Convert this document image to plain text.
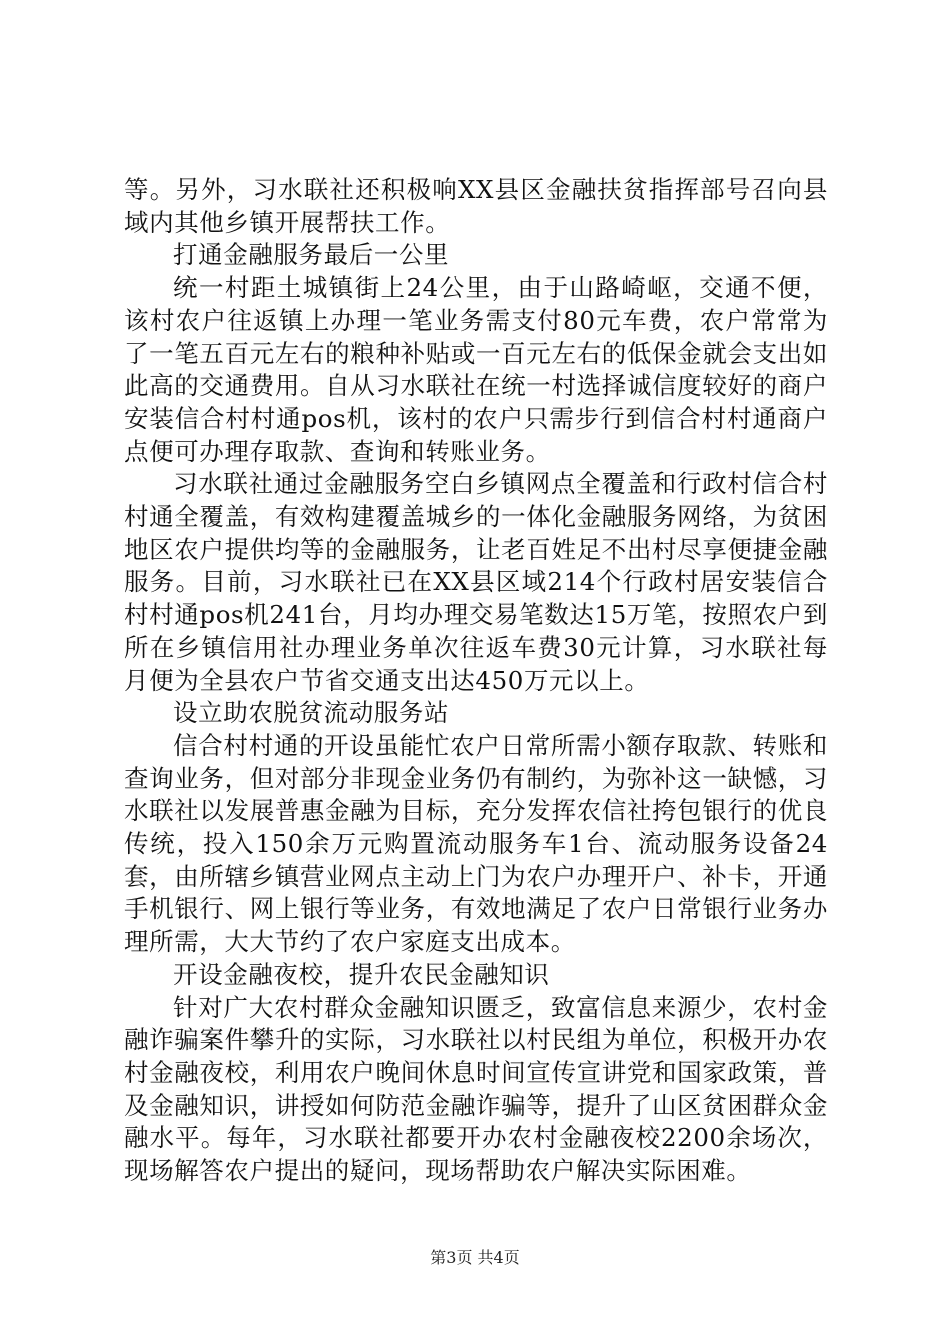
等。另外，习水联社还积极响XX县区金融扶贫指挥部号召向县域内其他乡镇开展帮扶工作。

打通金融服务最后一公里

统一村距土城镇街上24公里，由于山路崎岖，交通不便，该村农户往返镇上办理一笔业务需支付80元车费，农户常常为了一笔五百元左右的粮种补贴或一百元左右的低保金就会支出如此高的交通费用。自从习水联社在统一村选择诚信度较好的商户安装信合村村通pos机，该村的农户只需步行到信合村村通商户点便可办理存取款、查询和转账业务。

习水联社通过金融服务空白乡镇网点全覆盖和行政村信合村村通全覆盖，有效构建覆盖城乡的一体化金融服务网络，为贫困地区农户提供均等的金融服务，让老百姓足不出村尽享便捷金融服务。目前，习水联社已在XX县区域214个行政村居安装信合村村通pos机241台，月均办理交易笔数达15万笔，按照农户到所在乡镇信用社办理业务单次往返车费30元计算，习水联社每月便为全县农户节省交通支出达450万元以上。

设立助农脱贫流动服务站

信合村村通的开设虽能忙农户日常所需小额存取款、转账和查询业务，但对部分非现金业务仍有制约，为弥补这一缺憾，习水联社以发展普惠金融为目标，充分发挥农信社挎包银行的优良传统，投入150余万元购置流动服务车1台、流动服务设备24套，由所辖乡镇营业网点主动上门为农户办理开户、补卡，开通手机银行、网上银行等业务，有效地满足了农户日常银行业务办理所需，大大节约了农户家庭支出成本。

开设金融夜校，提升农民金融知识

针对广大农村群众金融知识匮乏，致富信息来源少，农村金融诈骗案件攀升的实际，习水联社以村民组为单位，积极开办农村金融夜校，利用农户晚间休息时间宣传宣讲党和国家政策，普及金融知识，讲授如何防范金融诈骗等，提升了山区贫困群众金融水平。每年，习水联社都要开办农村金融夜校2200余场次，现场解答农户提出的疑问，现场帮助农户解决实际困难。

第3页 共4页
